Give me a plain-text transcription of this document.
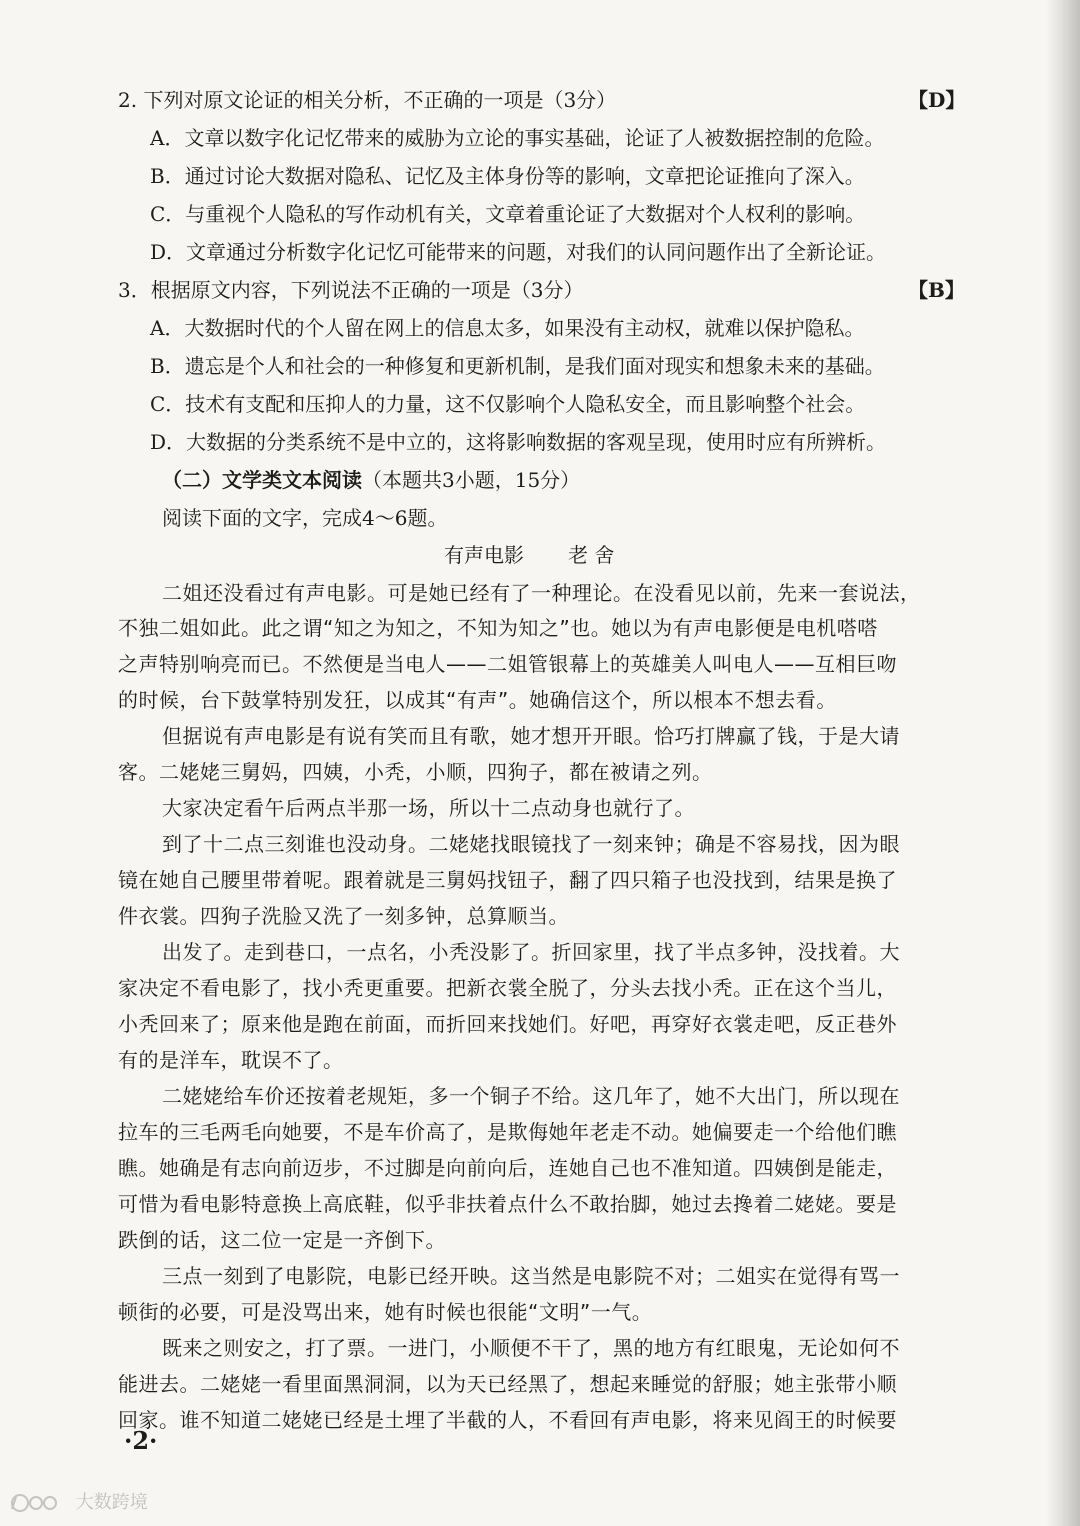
2. 下列对原文论证的相关分析，不正确的一项是（3分）	【D】
A．文章以数字化记忆带来的威胁为立论的事实基础，论证了人被数据控制的危险。
B．通过讨论大数据对隐私、记忆及主体身份等的影响，文章把论证推向了深入。
C．与重视个人隐私的写作动机有关，文章着重论证了大数据对个人权利的影响。
D．文章通过分析数字化记忆可能带来的问题，对我们的认同问题作出了全新论证。
3．根据原文内容，下列说法不正确的一项是（3分）	【B】
A．大数据时代的个人留在网上的信息太多，如果没有主动权，就难以保护隐私。
B．遗忘是个人和社会的一种修复和更新机制，是我们面对现实和想象未来的基础。
C．技术有支配和压抑人的力量，这不仅影响个人隐私安全，而且影响整个社会。
D．大数据的分类系统不是中立的，这将影响数据的客观呈现，使用时应有所辨析。
（二）文学类文本阅读（本题共3小题，15分）
阅读下面的文字，完成4～6题。
有声电影 老 舍
二姐还没看过有声电影。可是她已经有了一种理论。在没看见以前，先来一套说法，
不独二姐如此。此之谓“知之为知之，不知为知之”也。她以为有声电影便是电机嗒嗒
之声特别响亮而已。不然便是当电人——二姐管银幕上的英雄美人叫电人——互相巨吻
的时候，台下鼓掌特别发狂，以成其“有声”。她确信这个，所以根本不想去看。
但据说有声电影是有说有笑而且有歌，她才想开开眼。恰巧打牌赢了钱，于是大请
客。二姥姥三舅妈，四姨，小秃，小顺，四狗子，都在被请之列。
大家决定看午后两点半那一场，所以十二点动身也就行了。
到了十二点三刻谁也没动身。二姥姥找眼镜找了一刻来钟；确是不容易找，因为眼
镜在她自己腰里带着呢。跟着就是三舅妈找钮子，翻了四只箱子也没找到，结果是换了
件衣裳。四狗子洗脸又洗了一刻多钟，总算顺当。
出发了。走到巷口，一点名，小秃没影了。折回家里，找了半点多钟，没找着。大
家决定不看电影了，找小秃更重要。把新衣裳全脱了，分头去找小秃。正在这个当儿，
小秃回来了；原来他是跑在前面，而折回来找她们。好吧，再穿好衣裳走吧，反正巷外
有的是洋车，耽误不了。
二姥姥给车价还按着老规矩，多一个铜子不给。这几年了，她不大出门，所以现在
拉车的三毛两毛向她要，不是车价高了，是欺侮她年老走不动。她偏要走一个给他们瞧
瞧。她确是有志向前迈步，不过脚是向前向后，连她自己也不准知道。四姨倒是能走，
可惜为看电影特意换上高底鞋，似乎非扶着点什么不敢抬脚，她过去搀着二姥姥。要是
跌倒的话，这二位一定是一齐倒下。
三点一刻到了电影院，电影已经开映。这当然是电影院不对；二姐实在觉得有骂一
顿街的必要，可是没骂出来，她有时候也很能“文明”一气。
既来之则安之，打了票。一进门，小顺便不干了，黑的地方有红眼鬼，无论如何不
能进去。二姥姥一看里面黑洞洞，以为天已经黑了，想起来睡觉的舒服；她主张带小顺
回家。谁不知道二姥姥已经是土埋了半截的人，不看回有声电影，将来见阎王的时候要
·2·
大数跨境
